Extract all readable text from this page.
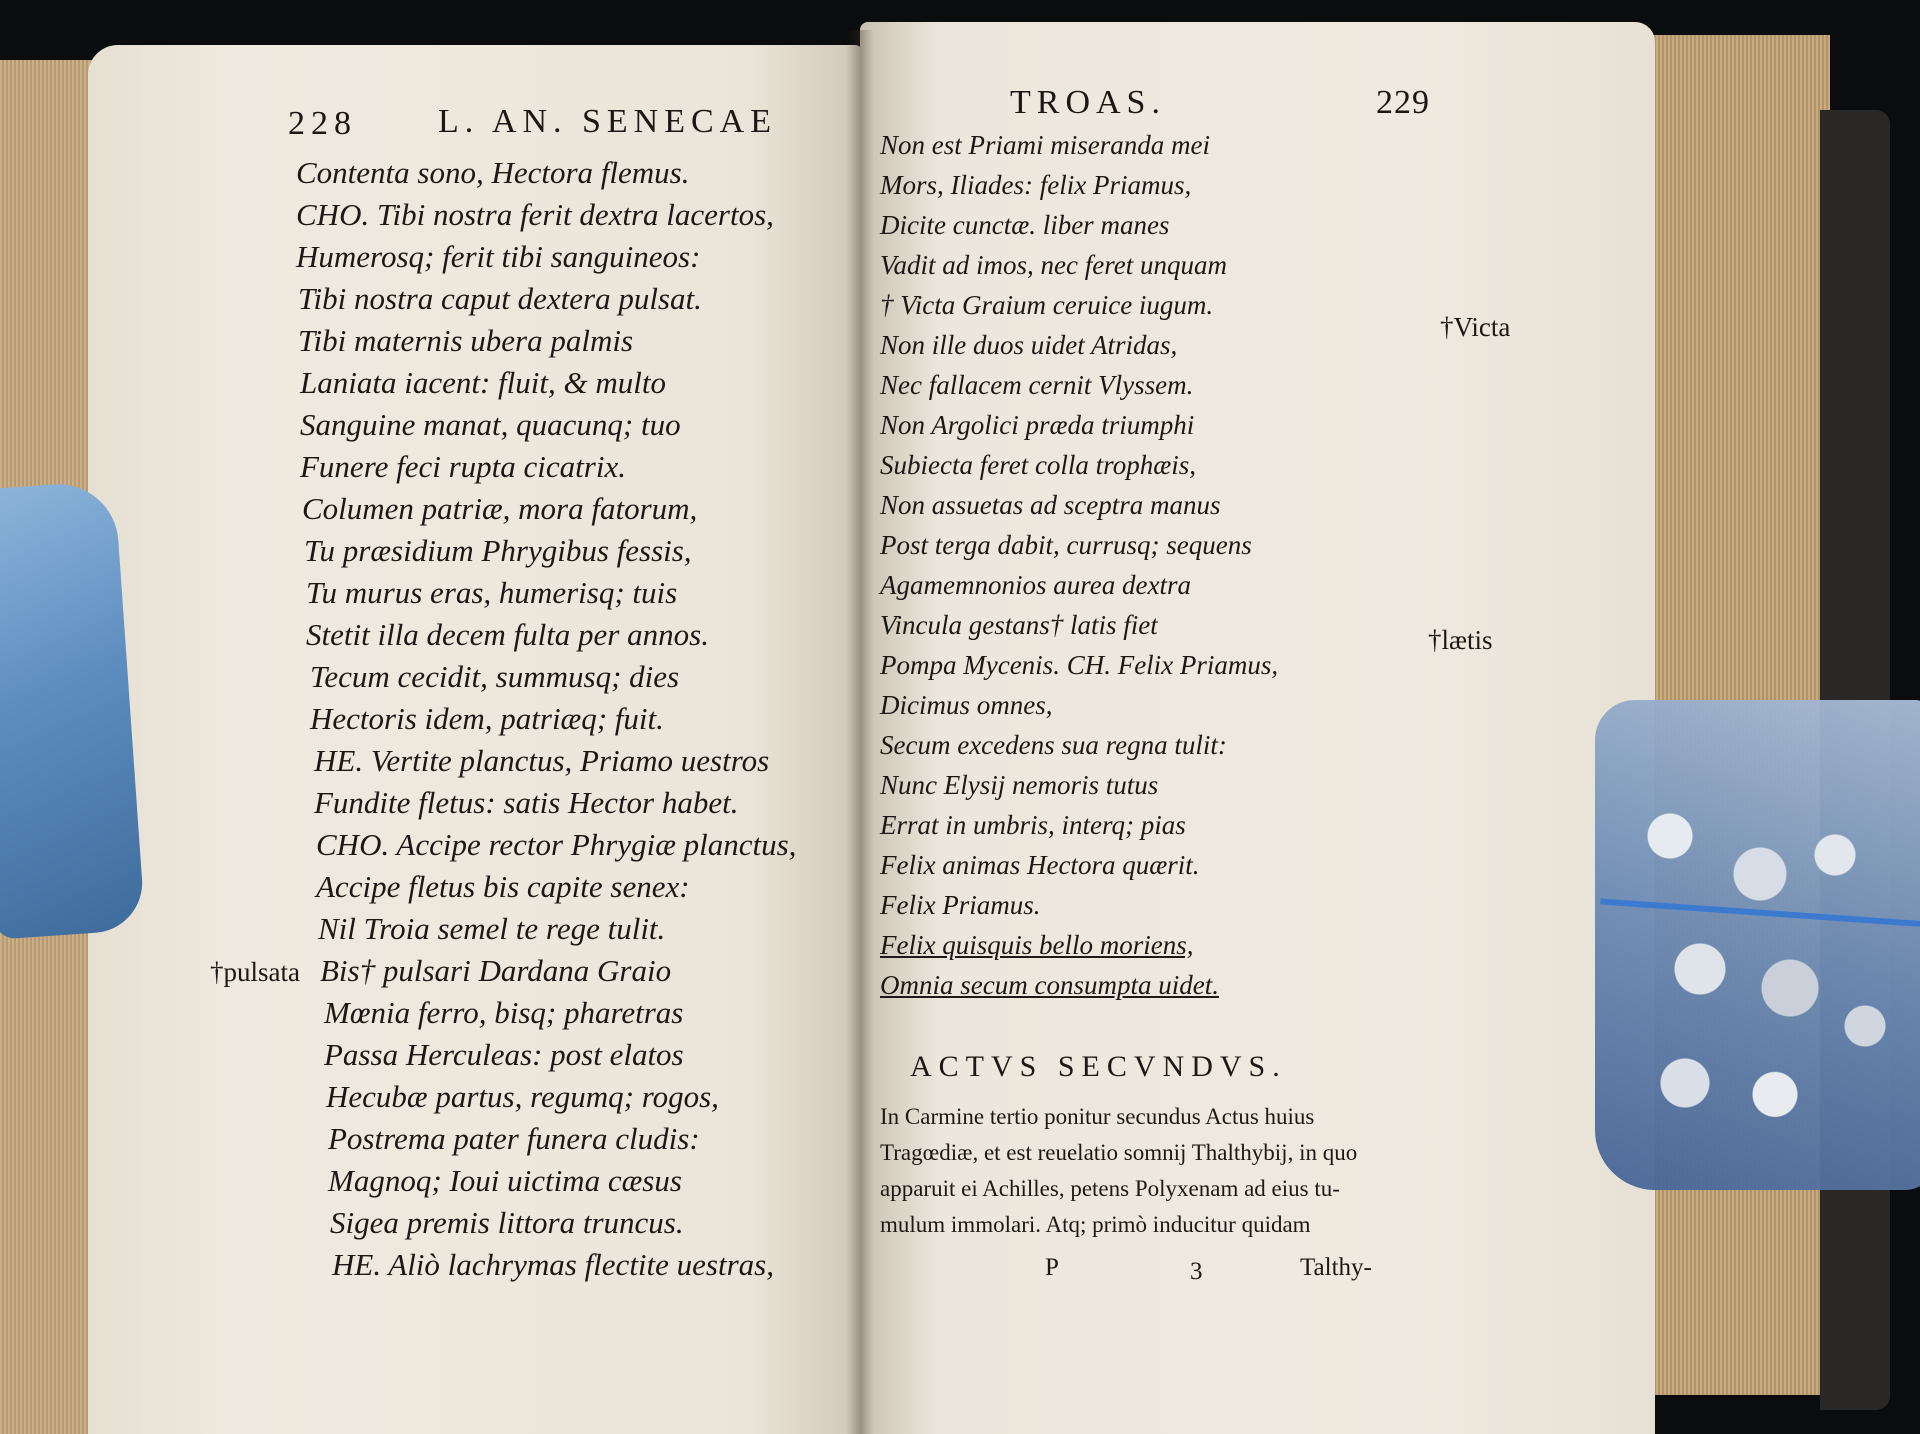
228 L. AN. SENECAE
Contenta sono, Hectora flemus.
CHO. Tibi nostra ferit dextra lacertos,
Humerosq; ferit tibi sanguineos:
Tibi nostra caput dextera pulsat.
Tibi maternis ubera palmis
Laniata iacent: fluit, & multo
Sanguine manat, quacunq; tuo
Funere feci rupta cicatrix.
Columen patriæ, mora fatorum,
Tu præsidium Phrygibus fessis,
Tu murus eras, humerisq; tuis
Stetit illa decem fulta per annos.
Tecum cecidit, summusq; dies
Hectoris idem, patriæq; fuit.
HE. Vertite planctus, Priamo uestros
Fundite fletus: satis Hector habet.
CHO. Accipe rector Phrygiæ planctus,
Accipe fletus bis capite senex:
Nil Troia semel te rege tulit.
Bis† pulsari Dardana Graio
Mœnia ferro, bisq; pharetras
Passa Herculeas: post elatos
Hecubæ partus, regumq; rogos,
Postrema pater funera cludis:
Magnoq; Ioui uictima cæsus
Sigea premis littora truncus.
HE. Aliò lachrymas flectite uestras,
†pulsata
TROAS.	229
Non est Priami miseranda mei
Mors, Iliades: felix Priamus,
Dicite cunctæ. liber manes
Vadit ad imos, nec feret unquam
† Victa Graium ceruice iugum.
Non ille duos uidet Atridas,
Nec fallacem cernit Vlyssem.
Non Argolici præda triumphi
Subiecta feret colla trophæis,
Non assuetas ad sceptra manus
Post terga dabit, currusq; sequens
Agamemnonios aurea dextra
Vincula gestans† latis fiet
Pompa Mycenis. CH. Felix Priamus,
Dicimus omnes,
Secum excedens sua regna tulit:
Nunc Elysij nemoris tutus
Errat in umbris, interq; pias
Felix animas Hectora quærit.
Felix Priamus.
Felix quisquis bello moriens,
Omnia secum consumpta uidet.
†Victa
†lætis
ACTVS SECVNDVS.
In Carmine tertio ponitur secundus Actus huius
Tragœdiæ, et est reuelatio somnij Thalthybij, in quo
apparuit ei Achilles, petens Polyxenam ad eius tu-
mulum immolari. Atq; primò inducitur quidam
P	3	Talthy-
